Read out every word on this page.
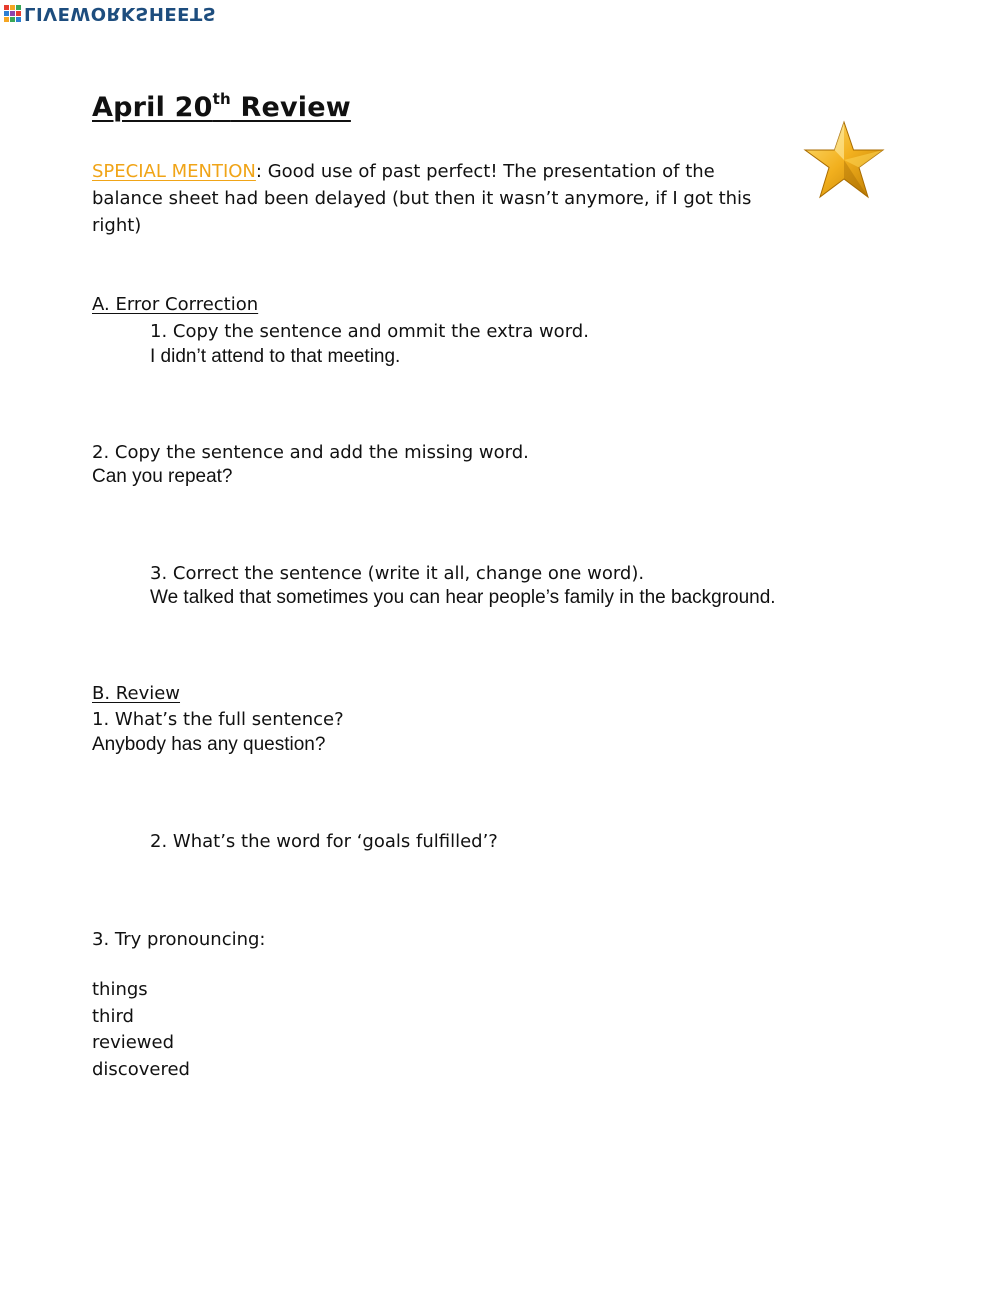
LIVEWORKSHEETS
April 20th Review
SPECIAL MENTION: Good use of past perfect! The presentation of the balance sheet had been delayed (but then it wasn’t anymore, if I got this right)
A. Error Correction
1. Copy the sentence and ommit the extra word.
I didn’t attend to that meeting.
2. Copy the sentence and add the missing word.
Can you repeat?
3. Correct the sentence (write it all, change one word).
We talked that sometimes you can hear people’s family in the background.
B. Review
1. What’s the full sentence?
Anybody has any question?
2. What’s the word for ‘goals fulfilled’?
3. Try pronouncing:
things
third
reviewed
discovered
